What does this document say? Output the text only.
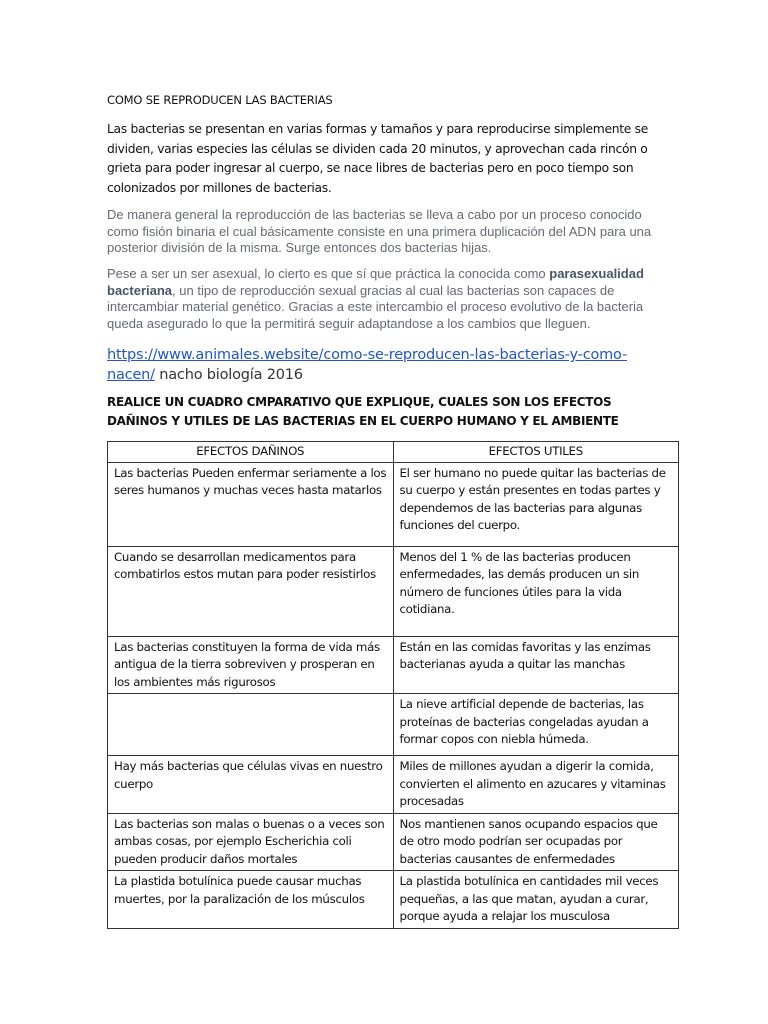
COMO SE REPRODUCEN LAS BACTERIAS
Las bacterias se presentan en varias formas y tamaños y para reproducirse simplemente se dividen, varias especies las células se dividen cada 20 minutos, y aprovechan cada rincón o grieta para poder ingresar al cuerpo, se nace libres de bacterias pero en poco tiempo son colonizados por millones de bacterias.
De manera general la reproducción de las bacterias se lleva a cabo por un proceso conocido como fisión binaria el cual básicamente consiste en una primera duplicación del ADN para una posterior división de la misma. Surge entonces dos bacterias hijas.
Pese a ser un ser asexual, lo cierto es que sí que práctica la conocida como parasexualidad bacteriana, un tipo de reproducción sexual gracias al cual las bacterias son capaces de intercambiar material genético. Gracias a este intercambio el proceso evolutivo de la bacteria queda asegurado lo que la permitirá seguir adaptandose a los cambios que lleguen.
https://www.animales.website/como-se-reproducen-las-bacterias-y-como-nacen/ nacho biología 2016
REALICE UN CUADRO CMPARATIVO QUE EXPLIQUE, CUALES SON LOS EFECTOS DAÑINOS Y UTILES DE LAS BACTERIAS EN EL CUERPO HUMANO Y EL AMBIENTE
EFECTOS DAÑINOS	EFECTOS UTILES
Las bacterias Pueden enfermar seriamente a los seres humanos y muchas veces hasta matarlos	El ser humano no puede quitar las bacterias de su cuerpo y están presentes en todas partes y dependemos de las bacterias para algunas funciones del cuerpo.
Cuando se desarrollan medicamentos para combatirlos estos mutan para poder resistirlos	Menos del 1 % de las bacterias producen enfermedades, las demás producen un sin número de funciones útiles para la vida cotidiana.
Las bacterias constituyen la forma de vida más antigua de la tierra sobreviven y prosperan en los ambientes más rigurosos	Están en las comidas favoritas y las enzimas bacterianas ayuda a quitar las manchas
	La nieve artificial depende de bacterias, las proteínas de bacterias congeladas ayudan a formar copos con niebla húmeda.
Hay más bacterias que células vivas en nuestro cuerpo	Miles de millones ayudan a digerir la comida, convierten el alimento en azucares y vitaminas procesadas
Las bacterias son malas o buenas o a veces son ambas cosas, por ejemplo Escherichia coli pueden producir daños mortales	Nos mantienen sanos ocupando espacios que de otro modo podrían ser ocupadas por bacterias causantes de enfermedades
La plastida botulínica puede causar muchas muertes, por la paralización de los músculos	La plastida botulínica en cantidades mil veces pequeñas, a las que matan, ayudan a curar, porque ayuda a relajar los musculosa
